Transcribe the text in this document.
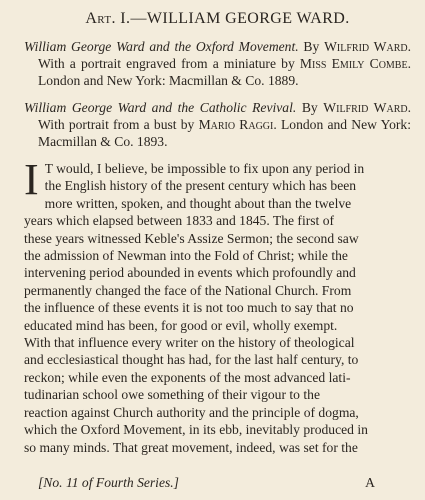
Art. I.—WILLIAM GEORGE WARD.
William George Ward and the Oxford Movement. By Wilfrid Ward. With a portrait engraved from a miniature by Miss Emily Combe. London and New York: Macmillan & Co. 1889.
William George Ward and the Catholic Revival. By Wilfrid Ward. With portrait from a bust by Mario Raggi. London and New York: Macmillan & Co. 1893.
I T would, I believe, be impossible to fix upon any period in
the English history of the present century which has been
more written, spoken, and thought about than the twelve
years which elapsed between 1833 and 1845. The first of
these years witnessed Keble's Assize Sermon; the second saw
the admission of Newman into the Fold of Christ; while the
intervening period abounded in events which profoundly and
permanently changed the face of the National Church. From
the influence of these events it is not too much to say that no
educated mind has been, for good or evil, wholly exempt.
With that influence every writer on the history of theological
and ecclesiastical thought has had, for the last half century, to
reckon; while even the exponents of the most advanced lati-
tudinarian school owe something of their vigour to the
reaction against Church authority and the principle of dogma,
which the Oxford Movement, in its ebb, inevitably produced in
so many minds. That great movement, indeed, was set for the
[No. 11 of Fourth Series.]	A
